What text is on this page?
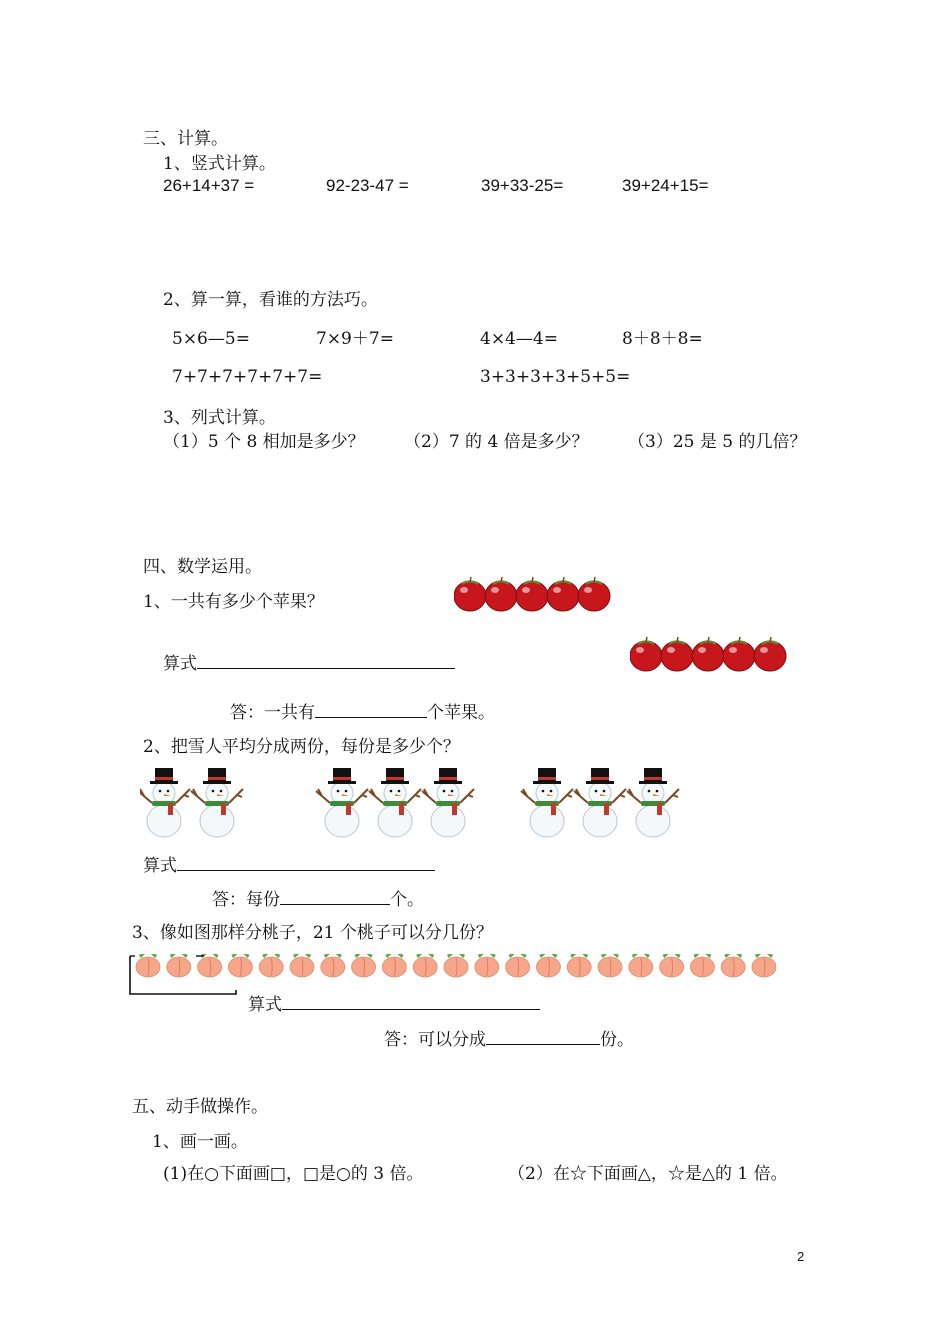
三、计算。
1、竖式计算。
26+14+37 =	92-23-47 =	39+33-25=	39+24+15=
2、算一算，看谁的方法巧。
5×6—5=	7×9＋7=	4×4—4=	8＋8＋8=
7+7+7+7+7+7=	3+3+3+3+5+5=
3、列式计算。
（1）5 个 8 相加是多少？ （2）7 的 4 倍是多少？ （3）25 是 5 的几倍？
四、数学运用。
1、一共有多少个苹果？
算式
答：一共有	个苹果。
2、把雪人平均分成两份，每份是多少个？
算式
答：每份	个。
3、像如图那样分桃子，21 个桃子可以分几份？
算式
答：可以分成	份。
五、动手做操作。
1、画一画。
(1)在○下面画□，□是○的 3 倍。	（2）在☆下面画△，☆是△的 1 倍。
2
